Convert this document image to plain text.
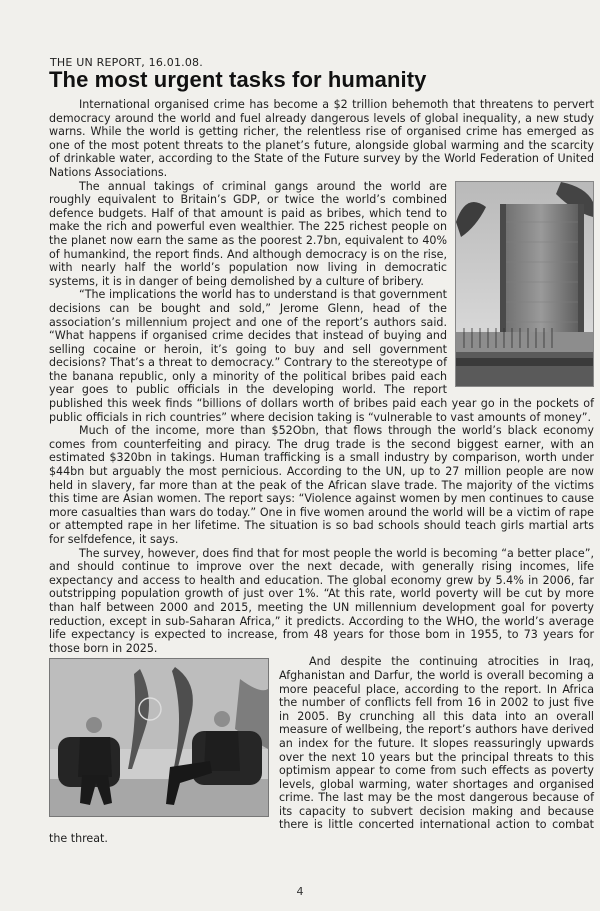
THE UN REPORT, 16.01.08.
The most urgent tasks for humanity

International organised crime has become a $2 trillion behemoth that threatens to pervert democracy around the world and fuel already dangerous levels of global inequality, a new study warns. While the world is getting richer, the relentless rise of organised crime has emerged as one of the most potent threats to the planet’s future, alongside global warming and the scarcity of drinkable water, according to the State of the Future survey by the World Federation of United Nations Associations.

The annual takings of criminal gangs around the world are roughly equivalent to Britain’s GDP, or twice the world’s combined defence budgets. Half of that amount is paid as bribes, which tend to make the rich and powerful even wealthier. The 225 richest people on the planet now earn the same as the poorest 2.7bn, equivalent to 40% of humankind, the report finds. And although democracy is on the rise, with nearly half the world’s population now living in democratic systems, it is in danger of being demolished by a culture of bribery.

“The implications the world has to understand is that government decisions can be bought and sold,” Jerome Glenn, head of the association’s millennium project and one of the report’s authors said. “What happens if organised crime decides that instead of buying and selling cocaine or heroin, it’s going to buy and sell government decisions? That’s a threat to democracy.” Contrary to the stereotype of the banana republic, only a minority of the political bribes paid each year goes to public officials in the developing world. The report published this week finds “billions of dollars worth of bribes paid each year go in the pockets of public officials in rich countries” where decision taking is “vulnerable to vast amounts of money”.

Much of the income, more than $52Obn, that flows through the world’s black economy comes from counterfeiting and piracy. The drug trade is the second biggest earner, with an estimated $320bn in takings. Human trafficking is a small industry by comparison, worth under $44bn but arguably the most pernicious. According to the UN, up to 27 million people are now held in slavery, far more than at the peak of the African slave trade. The majority of the victims this time are Asian women. The report says: “Violence against women by men continues to cause more casualties than wars do today.” One in five women around the world will be a victim of rape or attempted rape in her lifetime. The situation is so bad schools should teach girls martial arts for selfdefence, it says.

The survey, however, does find that for most people the world is becoming “a better place”, and should continue to improve over the next decade, with generally rising incomes, life expectancy and access to health and education. The global economy grew by 5.4% in 2006, far outstripping population growth of just over 1%. “At this rate, world poverty will be cut by more than half between 2000 and 2015, meeting the UN millennium development goal for poverty reduction, except in sub-Saharan Africa,” it predicts. According to the WHO, the world’s average life expectancy is expected to increase, from 48 years for those bom in 1955, to 73 years for those born in 2025.

And despite the continuing atrocities in Iraq, Afghanistan and Darfur, the world is overall becoming a more peaceful place, according to the report. In Africa the number of conflicts fell from 16 in 2002 to just five in 2005. By crunching all this data into an overall measure of wellbeing, the report’s authors have derived an index for the future. It slopes reassuringly upwards over the next 10 years but the principal threats to this optimism appear to come from such effects as poverty levels, global warming, water shortages and organised crime. The last may be the most dangerous because of its capacity to subvert decision making and because there is little concerted international action to combat the threat.

4
